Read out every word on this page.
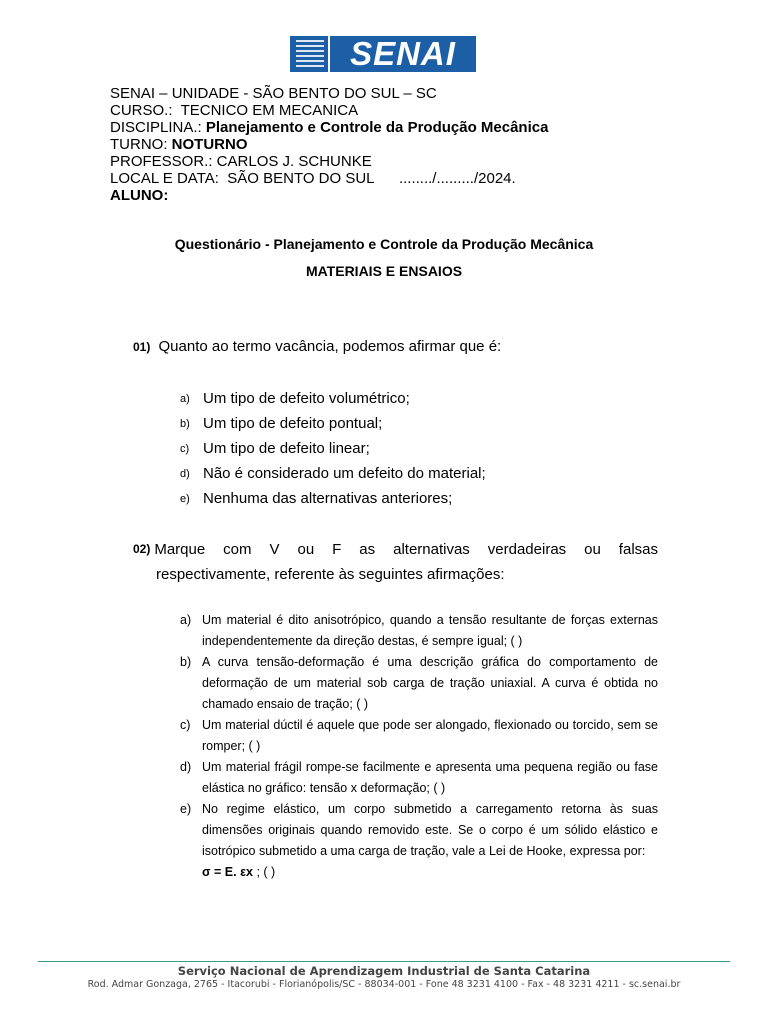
SENAI
SENAI – UNIDADE - SÃO BENTO DO SUL – SC
CURSO.:  TECNICO EM MECANICA
DISCIPLINA.: Planejamento e Controle da Produção Mecânica
TURNO: NOTURNO
PROFESSOR.: CARLOS J. SCHUNKE
LOCAL E DATA:  SÃO BENTO DO SUL      ......../........./2024.
ALUNO:
Questionário - Planejamento e Controle da Produção Mecânica
MATERIAIS E ENSAIOS
01) Quanto ao termo vacância, podemos afirmar que é:
a) Um tipo de defeito volumétrico;
b) Um tipo de defeito pontual;
c) Um tipo de defeito linear;
d) Não é considerado um defeito do material;
e) Nenhuma das alternativas anteriores;
02) Marque com V ou F as alternativas verdadeiras ou falsas
respectivamente, referente às seguintes afirmações:
a) Um material é dito anisotrópico, quando a tensão resultante de forças externas independentemente da direção destas, é sempre igual; ( )
b) A curva tensão-deformação é uma descrição gráfica do comportamento de deformação de um material sob carga de tração uniaxial. A curva é obtida no chamado ensaio de tração; ( )
c) Um material dúctil é aquele que pode ser alongado, flexionado ou torcido, sem se romper; ( )
d) Um material frágil rompe-se facilmente e apresenta uma pequena região ou fase elástica no gráfico: tensão x deformação; ( )
e) No regime elástico, um corpo submetido a carregamento retorna às suas dimensões originais quando removido este. Se o corpo é um sólido elástico e isotrópico submetido a uma carga de tração, vale a Lei de Hooke, expressa por:
σ = E. εx ; ( )
Serviço Nacional de Aprendizagem Industrial de Santa Catarina
Rod. Admar Gonzaga, 2765 - Itacorubi - Florianópolis/SC - 88034-001 - Fone 48 3231 4100 - Fax - 48 3231 4211 - sc.senai.br
